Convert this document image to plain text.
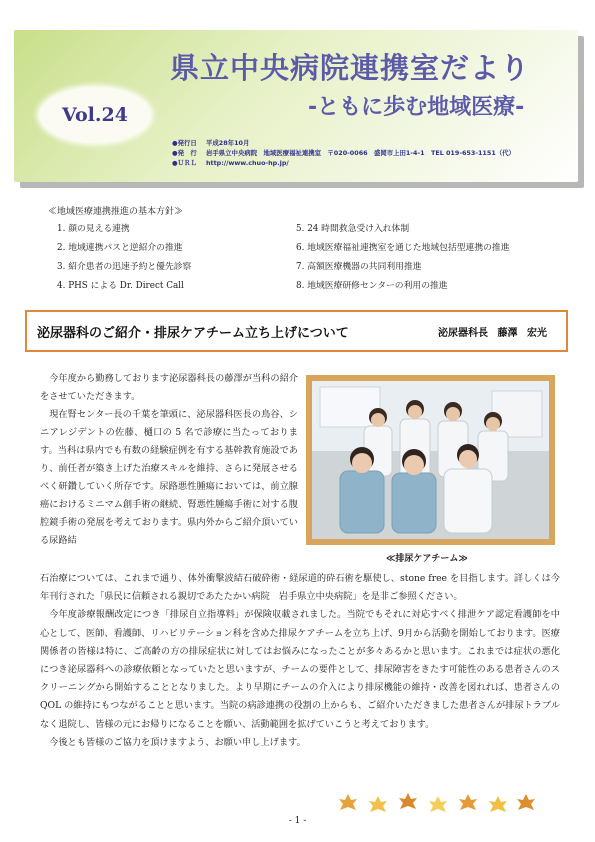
県立中央病院連携室だより
-ともに歩む地域医療-
Vol.24
●発行日	平成28年10月
●発　行	岩手県立中央病院　地域医療福祉連携室　〒020-0066　盛岡市上田1-4-1　TEL 019-653-1151（代）
●ＵＲＬ	http://www.chuo-hp.jp/
≪地域医療連携推進の基本方針≫
1. 顔の見える連携
2. 地域連携パスと逆紹介の推進
3. 紹介患者の迅速予約と優先診察
4. PHS による Dr. Direct Call
5. 24 時間救急受け入れ体制
6. 地域医療福祉連携室を通じた地域包括型連携の推進
7. 高額医療機器の共同利用推進
8. 地域医療研修センターの利用の推進
泌尿器科のご紹介・排尿ケアチーム立ち上げについて	泌尿器科長 藤澤 宏光

今年度から勤務しております泌尿器科長の藤澤が当科の紹介をさせていただきます。

現在腎センター長の千葉を筆頭に、泌尿器科医長の鳥谷、シニアレジデントの佐藤、樋口の 5 名で診療に当たっております。当科は県内でも有数の経験症例を有する基幹教育施設であり、前任者が築き上げた治療スキルを維持、さらに発展させるべく研鑽していく所存です。尿路悪性腫瘍においては、前立腺癌におけるミニマム創手術の継続、腎悪性腫瘍手術に対する腹腔鏡手術の発展を考えております。県内外からご紹介頂いている尿路結

≪排尿ケアチーム≫
石治療については、これまで通り、体外衝撃波結石破砕術・経尿道的砕石術を駆使し、stone free を目指します。詳しくは今年刊行された「県民に信頼される親切であたたかい病院　岩手県立中央病院」を是非ご参照ください。

今年度診療報酬改定につき「排尿自立指導料」が保険収載されました。当院でもそれに対応すべく排泄ケア認定看護師を中心として、医師、看護師、リハビリテーション科を含めた排尿ケアチームを立ち上げ、9月から活動を開始しております。医療関係者の皆様は特に、ご高齢の方の排尿症状に対してはお悩みになったことが多々あるかと思います。これまでは症状の悪化につき泌尿器科への診療依頼となっていたと思いますが、チームの要件として、排尿障害をきたす可能性のある患者さんのスクリーニングから開始することとなりました。より早期にチームの介入により排尿機能の維持・改善を図れれば、患者さんの QOL の維持にもつながることと思います。当院の病診連携の役割の上からも、ご紹介いただきました患者さんが排尿トラブルなく退院し、皆様の元にお帰りになることを願い、活動範囲を拡げていこうと考えております。

今後とも皆様のご協力を頂けますよう、お願い申し上げます。

- 1 -
